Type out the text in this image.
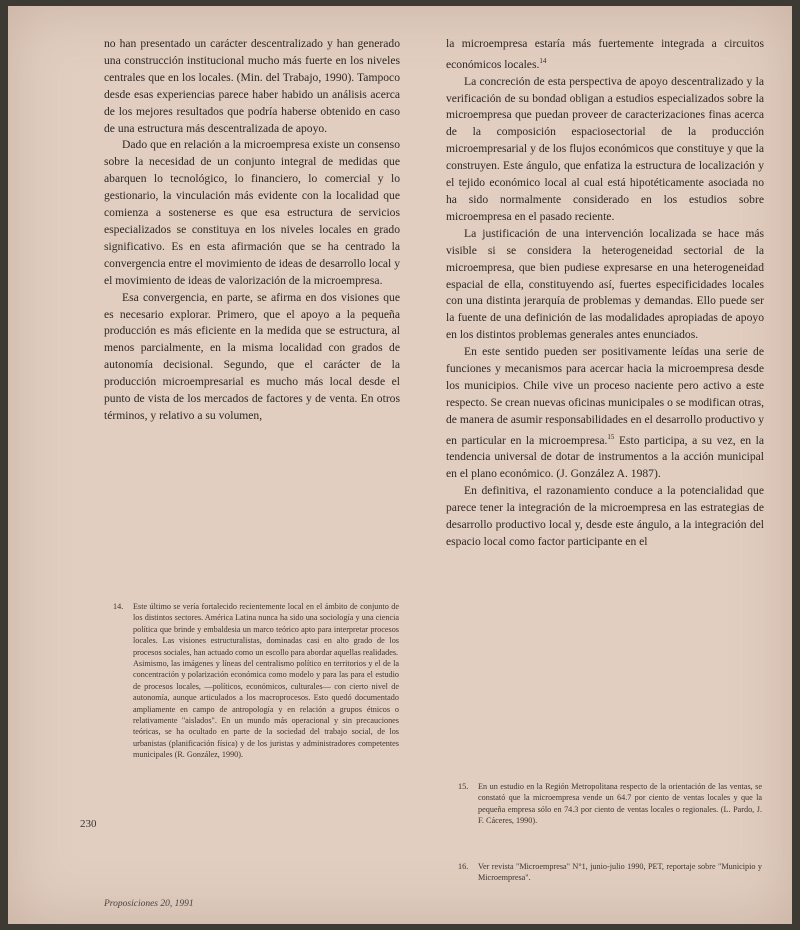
no han presentado un carácter descentralizado y han generado una construcción institucional mucho más fuerte en los niveles centrales que en los locales. (Min. del Trabajo, 1990). Tampoco desde esas experiencias parece haber habido un análisis acerca de los mejores resultados que podría haberse obtenido en caso de una estructura más descentralizada de apoyo.

Dado que en relación a la microempresa existe un consenso sobre la necesidad de un conjunto integral de medidas que abarquen lo tecnológico, lo financiero, lo comercial y lo gestionario, la vinculación más evidente con la localidad que comienza a sostenerse es que esa estructura de servicios especializados se constituya en los niveles locales en grado significativo. Es en esta afirmación que se ha centrado la convergencia entre el movimiento de ideas de desarrollo local y el movimiento de ideas de valorización de la microempresa.

Esa convergencia, en parte, se afirma en dos visiones que es necesario explorar. Primero, que el apoyo a la pequeña producción es más eficiente en la medida que se estructura, al menos parcialmente, en la misma localidad con grados de autonomía decisional. Segundo, que el carácter de la producción microempresarial es mucho más local desde el punto de vista de los mercados de factores y de venta. En otros términos, y relativo a su volumen,

la microempresa estaría más fuertemente integrada a circuitos económicos locales.$^{14}$

La concreción de esta perspectiva de apoyo descentralizado y la verificación de su bondad obligan a estudios especializados sobre la microempresa que puedan proveer de caracterizaciones finas acerca de la composición espaciosectorial de la producción microempresarial y de los flujos económicos que constituye y que la construyen. Este ángulo, que enfatiza la estructura de localización y el tejido económico local al cual está hipotéticamente asociada no ha sido normalmente considerado en los estudios sobre microempresa en el pasado reciente.

La justificación de una intervención localizada se hace más visible si se considera la heterogeneidad sectorial de la microempresa, que bien pudiese expresarse en una heterogeneidad espacial de ella, constituyendo así, fuertes especificidades locales con una distinta jerarquía de problemas y demandas. Ello puede ser la fuente de una definición de las modalidades apropiadas de apoyo en los distintos problemas generales antes enunciados.

En este sentido pueden ser positivamente leídas una serie de funciones y mecanismos para acercar hacia la microempresa desde los municipios. Chile vive un proceso naciente pero activo a este respecto. Se crean nuevas oficinas municipales o se modifican otras, de manera de asumir responsabilidades en el desarrollo productivo y en particular en la microempresa.$^{15}$ Esto participa, a su vez, en la tendencia universal de dotar de instrumentos a la acción municipal en el plano económico. (J. González A. 1987).

En definitiva, el razonamiento conduce a la potencialidad que parece tener la integración de la microempresa en las estrategias de desarrollo productivo local y, desde este ángulo, a la integración del espacio local como factor participante en el

14. Este último se vería fortalecido recientemente local en el ámbito de conjunto de los distintos sectores. América Latina nunca ha sido una sociología y una ciencia política que brinde y embaldesia un marco teórico apto para interpretar procesos locales. Las visiones estructuralistas, dominadas casi en alto grado de los procesos sociales, han actuado como un escollo para abordar aquellas realidades.

Asimismo, las imágenes y líneas del centralismo político en territorios y el de la concentración y polarización económica como modelo y para las para el estudio de procesos locales, —políticos, económicos, culturales— con cierto nivel de autonomía, aunque articulados a los macroprocesos. Esto quedó documentado ampliamente en campo de antropología y en relación a grupos étnicos o relativamente "aislados". En un mundo más operacional y sin precauciones teóricas, se ha ocultado en parte de la sociedad del trabajo social, de los urbanistas (planificación física) y de los juristas y administradores competentes municipales (R. González, 1990).

15. En un estudio en la Región Metropolitana respecto de la orientación de las ventas, se constató que la microempresa vende un 64.7 por ciento de ventas locales y que la pequeña empresa sólo en 74.3 por ciento de ventas locales o regionales. (L. Pardo, J. F. Cáceres, 1990).
16. Ver revista "Microempresa" N°1, junio-julio 1990, PET, reportaje sobre "Municipio y Microempresa".
230
Proposiciones 20, 1991
